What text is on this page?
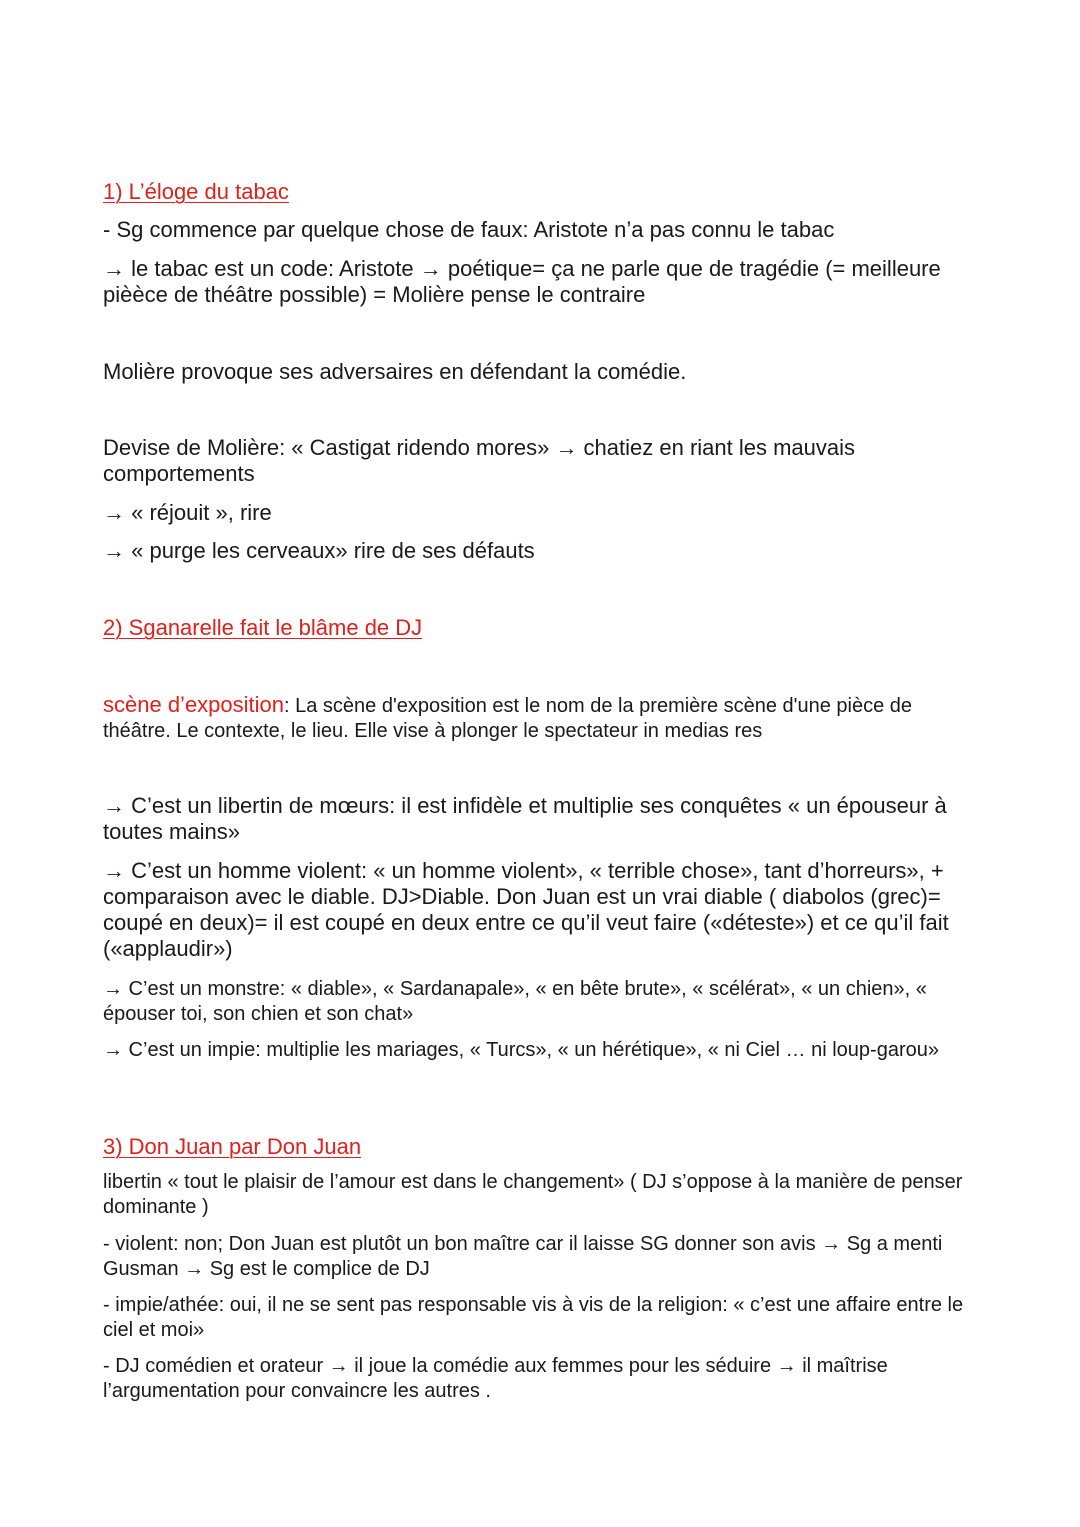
1) L’éloge du tabac

- Sg commence par quelque chose de faux: Aristote n’a pas connu le tabac

→ le tabac est un code: Aristote → poétique= ça ne parle que de tragédie (= meilleure pièèce de théâtre possible) = Molière pense le contraire

Molière provoque ses adversaires en défendant la comédie.

Devise de Molière: « Castigat ridendo mores» → chatiez en riant les mauvais comportements

→ « réjouit », rire

→ « purge les cerveaux» rire de ses défauts

2) Sganarelle fait le blâme de DJ

scène d’exposition: La scène d'exposition est le nom de la première scène d'une pièce de théâtre. Le contexte, le lieu. Elle vise à plonger le spectateur in medias res

→ C’est un libertin de mœurs: il est infidèle et multiplie ses conquêtes « un épouseur à toutes mains»

→ C’est un homme violent: « un homme violent», « terrible chose», tant d’horreurs», + comparaison avec le diable. DJ>Diable. Don Juan est un vrai diable ( diabolos (grec)= coupé en deux)= il est coupé en deux entre ce qu’il veut faire («déteste») et ce qu’il fait («applaudir»)

→ C’est un monstre: « diable», « Sardanapale», « en bête brute», « scélérat», « un chien», « épouser toi, son chien et son chat»

→ C’est un impie: multiplie les mariages, « Turcs», « un hérétique», « ni Ciel … ni loup-garou»

3) Don Juan par Don Juan

libertin « tout le plaisir de l’amour est dans le changement» ( DJ s’oppose à la manière de penser dominante )

- violent: non; Don Juan est plutôt un bon maître car il laisse SG donner son avis → Sg a menti Gusman → Sg est le complice de DJ

- impie/athée: oui, il ne se sent pas responsable vis à vis de la religion: « c’est une affaire entre le ciel et moi»

- DJ comédien et orateur → il joue la comédie aux femmes pour les séduire → il maîtrise l’argumentation pour convaincre les autres .
